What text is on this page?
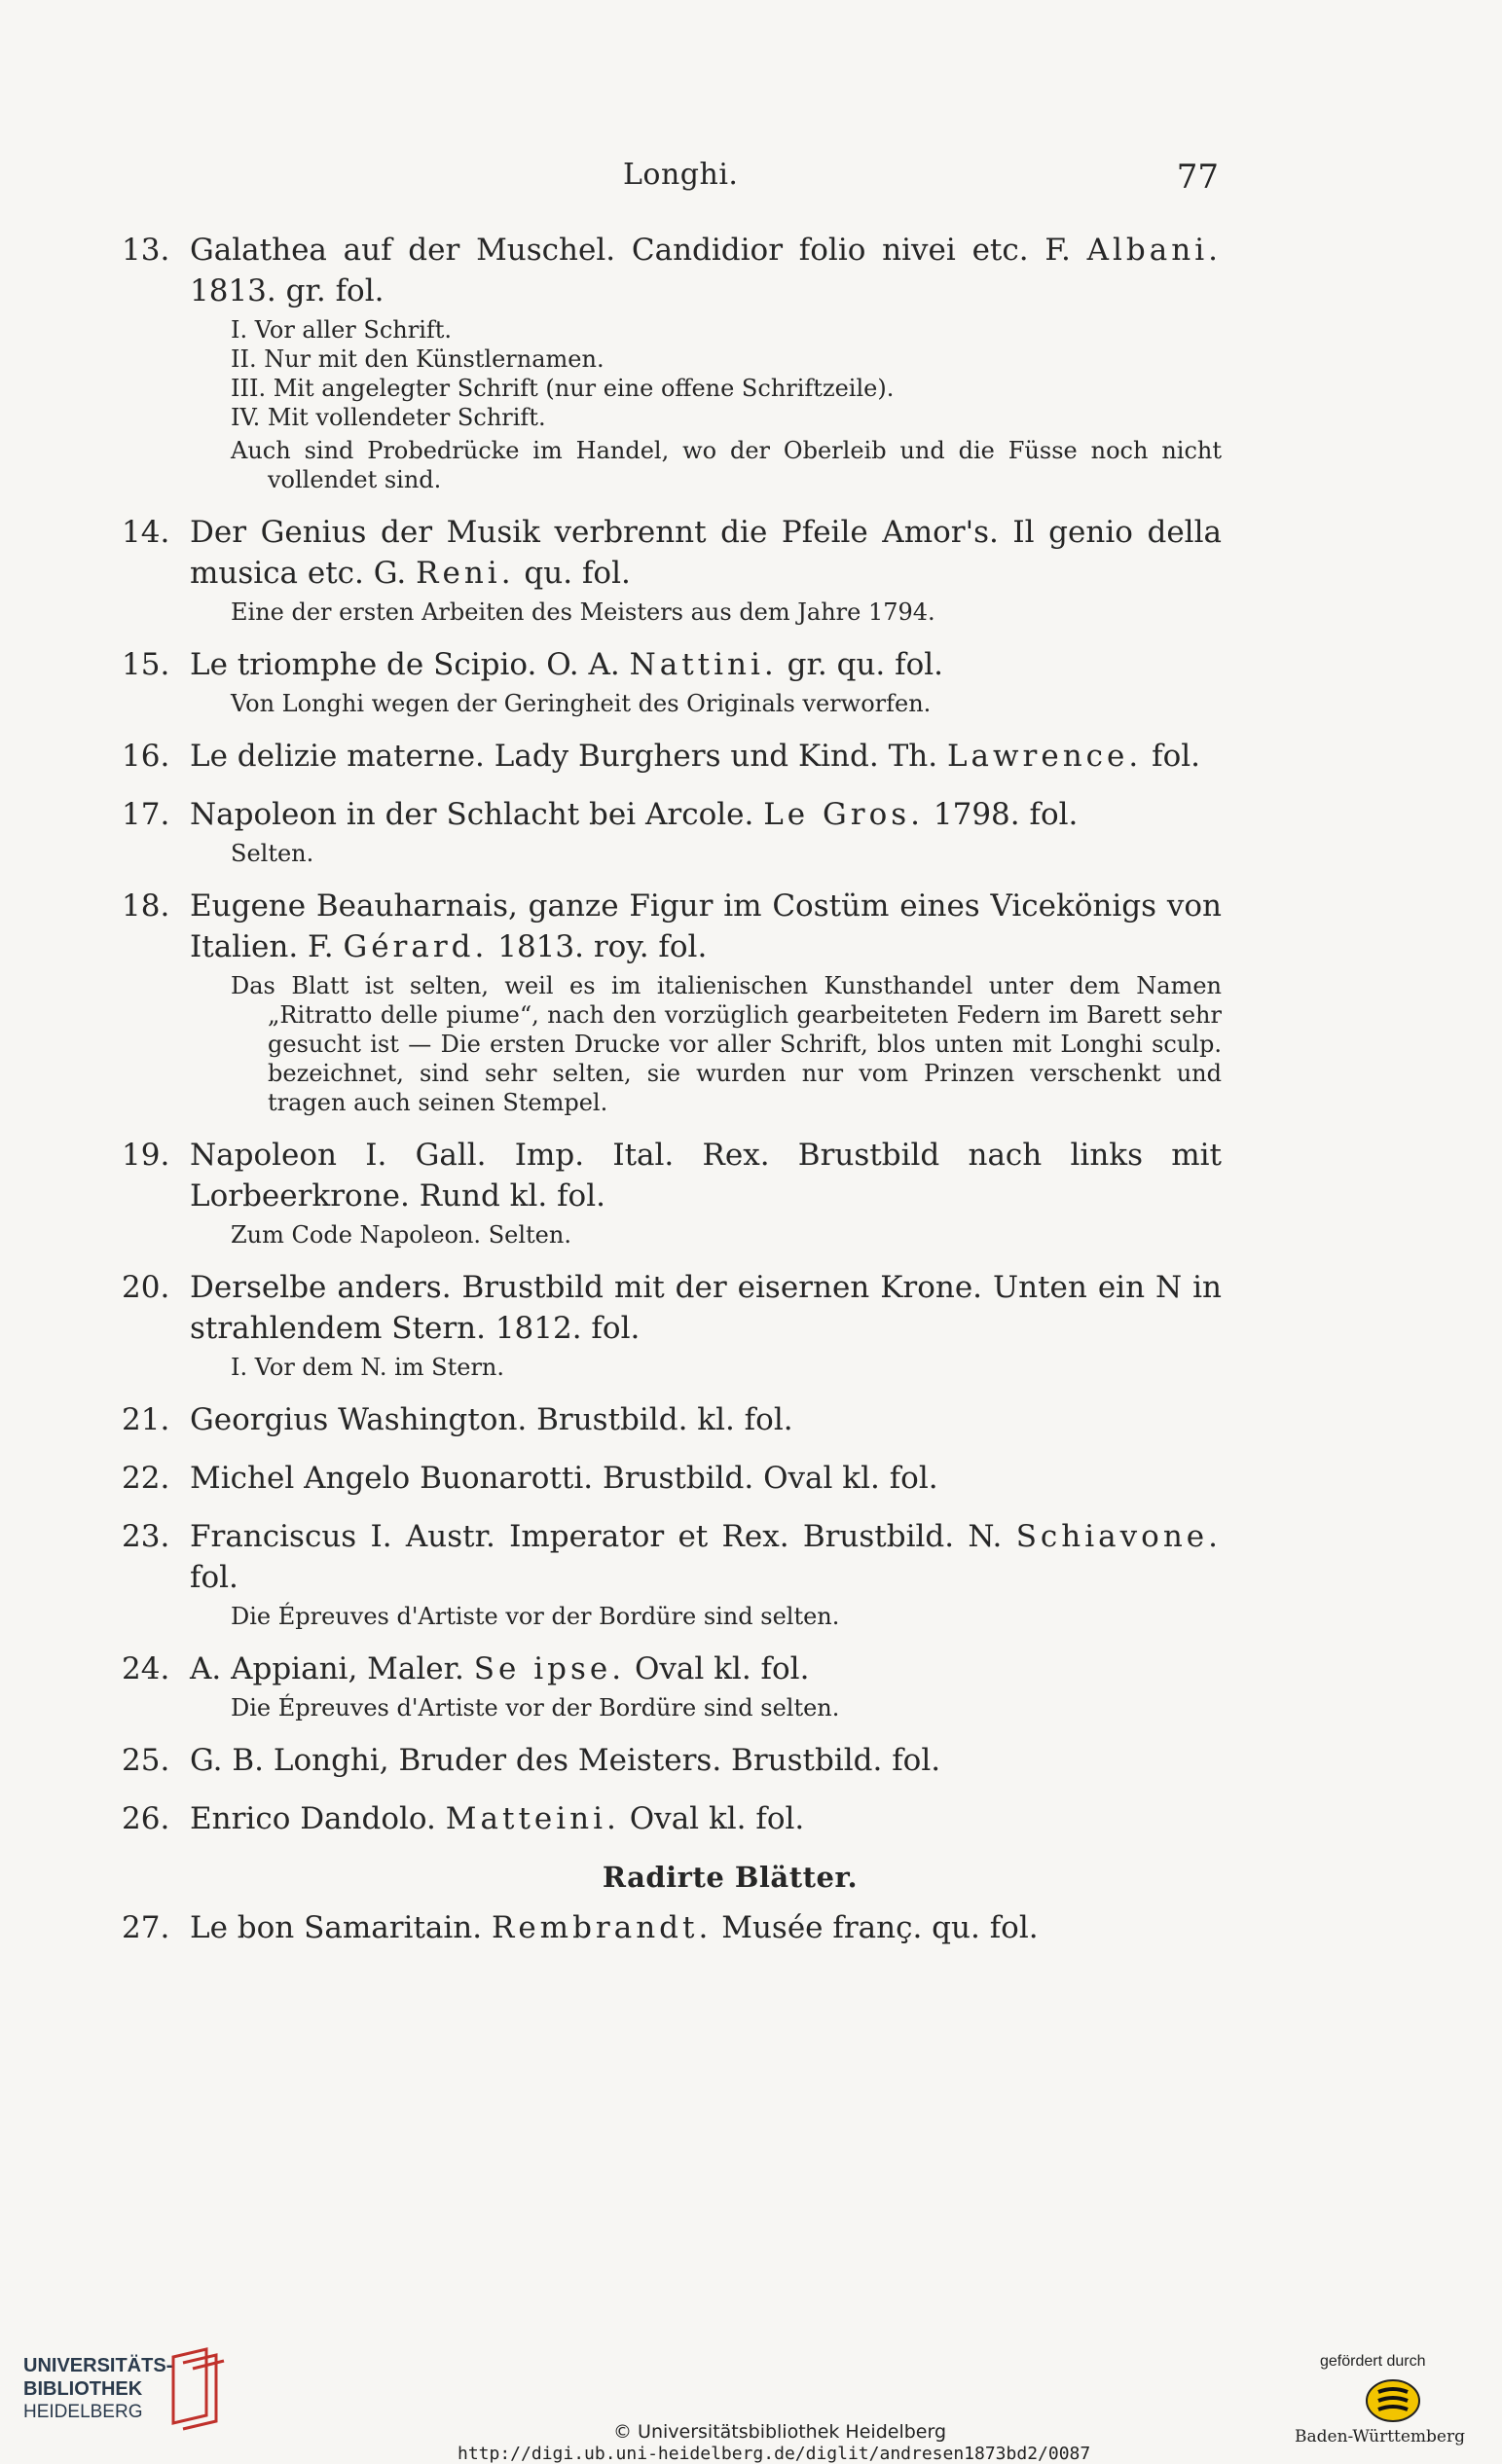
Longhi.	77
13. Galathea auf der Muschel. Candidior folio nivei etc. F. Albani. 1813. gr. fol.
I. Vor aller Schrift.
II. Nur mit den Künstlernamen.
III. Mit angelegter Schrift (nur eine offene Schriftzeile).
IV. Mit vollendeter Schrift.
Auch sind Probedrücke im Handel, wo der Oberleib und die Füsse noch nicht vollendet sind.
14. Der Genius der Musik verbrennt die Pfeile Amor's. Il genio della musica etc. G. Reni. qu. fol.
Eine der ersten Arbeiten des Meisters aus dem Jahre 1794.
15. Le triomphe de Scipio. O. A. Nattini. gr. qu. fol.
Von Longhi wegen der Geringheit des Originals verworfen.
16. Le delizie materne. Lady Burghers und Kind. Th. Lawrence. fol.
17. Napoleon in der Schlacht bei Arcole. Le Gros. 1798. fol.
Selten.
18. Eugene Beauharnais, ganze Figur im Costüm eines Vicekönigs von Italien. F. Gérard. 1813. roy. fol.
Das Blatt ist selten, weil es im italienischen Kunsthandel unter dem Namen „Ritratto delle piume“, nach den vorzüglich gearbeiteten Federn im Barett sehr gesucht ist — Die ersten Drucke vor aller Schrift, blos unten mit Longhi sculp. bezeichnet, sind sehr selten, sie wurden nur vom Prinzen verschenkt und tragen auch seinen Stempel.
19. Napoleon I. Gall. Imp. Ital. Rex. Brustbild nach links mit Lorbeerkrone. Rund kl. fol.
Zum Code Napoleon. Selten.
20. Derselbe anders. Brustbild mit der eisernen Krone. Unten ein N in strahlendem Stern. 1812. fol.
I. Vor dem N. im Stern.
21. Georgius Washington. Brustbild. kl. fol.
22. Michel Angelo Buonarotti. Brustbild. Oval kl. fol.
23. Franciscus I. Austr. Imperator et Rex. Brustbild. N. Schiavone. fol.
Die Épreuves d'Artiste vor der Bordüre sind selten.
24. A. Appiani, Maler. Se ipse. Oval kl. fol.
Die Épreuves d'Artiste vor der Bordüre sind selten.
25. G. B. Longhi, Bruder des Meisters. Brustbild. fol.
26. Enrico Dandolo. Matteini. Oval kl. fol.
Radirte Blätter.
27. Le bon Samaritain. Rembrandt. Musée franç. qu. fol.
UNIVERSITÄTS-
BIBLIOTHEK
HEIDELBERG
© Universitätsbibliothek Heidelberg
http://digi.ub.uni-heidelberg.de/diglit/andresen1873bd2/0087
gefördert durch
Baden-Württemberg
